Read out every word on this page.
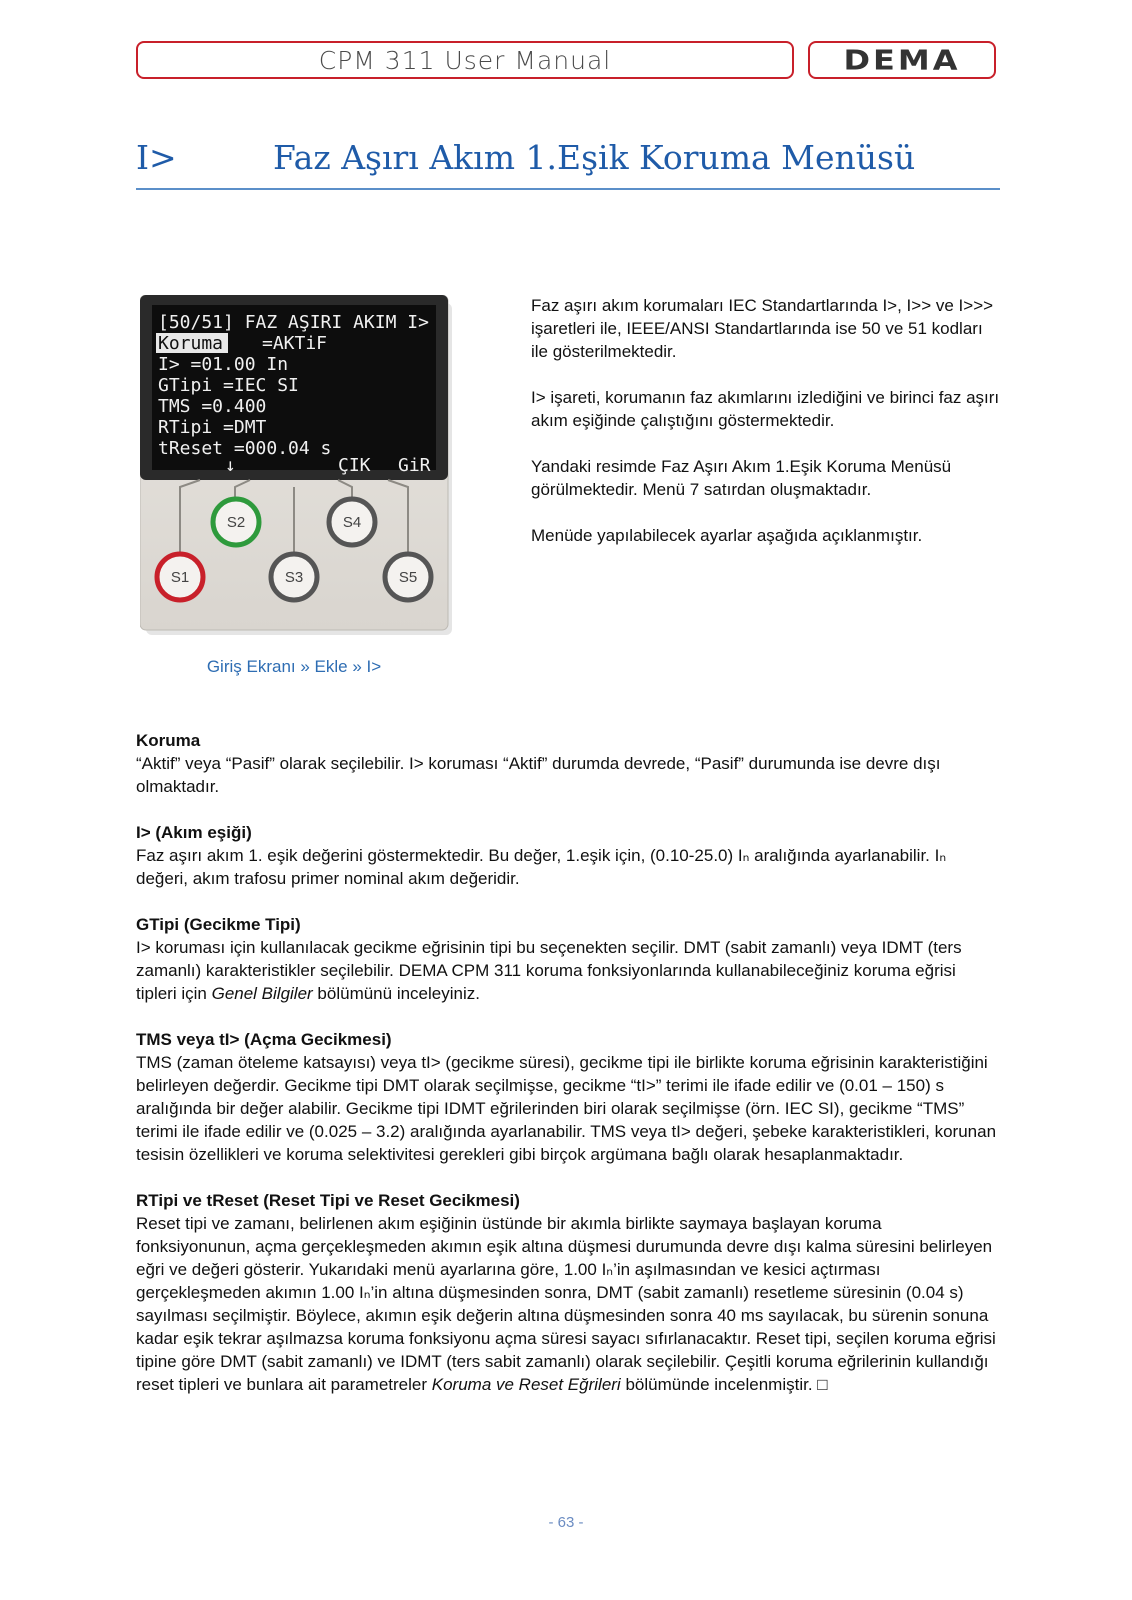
CPM 311 User Manual	DEMA
I>	Faz Aşırı Akım 1.Eşik Koruma Menüsü
[50/51] FAZ AŞIRI AKIM I>
Koruma =AKTiF
I> =01.00 In
GTipi =IEC SI
TMS =0.400
RTipi =DMT
tReset =000.04 s
↓	ÇIK GiR
S2	S4
S1	S3	S5
Giriş Ekranı » Ekle » I>

Faz aşırı akım korumaları IEC Standartlarında I>, I>> ve I>>> işaretleri ile, IEEE/ANSI Standartlarında ise 50 ve 51 kodları ile gösterilmektedir.

I> işareti, korumanın faz akımlarını izlediğini ve birinci faz aşırı akım eşiğinde çalıştığını göstermektedir.

Yandaki resimde Faz Aşırı Akım 1.Eşik Koruma Menüsü görülmektedir. Menü 7 satırdan oluşmaktadır.

Menüde yapılabilecek ayarlar aşağıda açıklanmıştır.

Koruma

“Aktif” veya “Pasif” olarak seçilebilir. I> koruması “Aktif” durumda devrede, “Pasif” durumunda ise devre dışı olmaktadır.

I> (Akım eşiği)

Faz aşırı akım 1. eşik değerini göstermektedir. Bu değer, 1.eşik için, (0.10-25.0) Iₙ aralığında ayarlanabilir. Iₙ değeri, akım trafosu primer nominal akım değeridir.

GTipi (Gecikme Tipi)

I> koruması için kullanılacak gecikme eğrisinin tipi bu seçenekten seçilir. DMT (sabit zamanlı) veya IDMT (ters zamanlı) karakteristikler seçilebilir. DEMA CPM 311 koruma fonksiyonlarında kullanabileceğiniz koruma eğrisi tipleri için Genel Bilgiler bölümünü inceleyiniz.

TMS veya tI> (Açma Gecikmesi)

TMS (zaman öteleme katsayısı) veya tI> (gecikme süresi), gecikme tipi ile birlikte koruma eğrisinin karakteristiğini belirleyen değerdir. Gecikme tipi DMT olarak seçilmişse, gecikme “tI>” terimi ile ifade edilir ve (0.01 – 150) s aralığında bir değer alabilir. Gecikme tipi IDMT eğrilerinden biri olarak seçilmişse (örn. IEC SI), gecikme “TMS” terimi ile ifade edilir ve (0.025 – 3.2) aralığında ayarlanabilir. TMS veya tI> değeri, şebeke karakteristikleri, korunan tesisin özellikleri ve koruma selektivitesi gerekleri gibi birçok argümana bağlı olarak hesaplanmaktadır.

RTipi ve tReset (Reset Tipi ve Reset Gecikmesi)

Reset tipi ve zamanı, belirlenen akım eşiğinin üstünde bir akımla birlikte saymaya başlayan koruma fonksiyonunun, açma gerçekleşmeden akımın eşik altına düşmesi durumunda devre dışı kalma süresini belirleyen eğri ve değeri gösterir. Yukarıdaki menü ayarlarına göre, 1.00 Iₙ’in aşılmasından ve kesici açtırması gerçekleşmeden akımın 1.00 Iₙ’in altına düşmesinden sonra, DMT (sabit zamanlı) resetleme süresinin (0.04 s) sayılması seçilmiştir. Böylece, akımın eşik değerin altına düşmesinden sonra 40 ms sayılacak, bu sürenin sonuna kadar eşik tekrar aşılmazsa koruma fonksiyonu açma süresi sayacı sıfırlanacaktır. Reset tipi, seçilen koruma eğrisi tipine göre DMT (sabit zamanlı) ve IDMT (ters sabit zamanlı) olarak seçilebilir. Çeşitli koruma eğrilerinin kullandığı reset tipleri ve bunlara ait parametreler Koruma ve Reset Eğrileri bölümünde incelenmiştir. □

- 63 -
